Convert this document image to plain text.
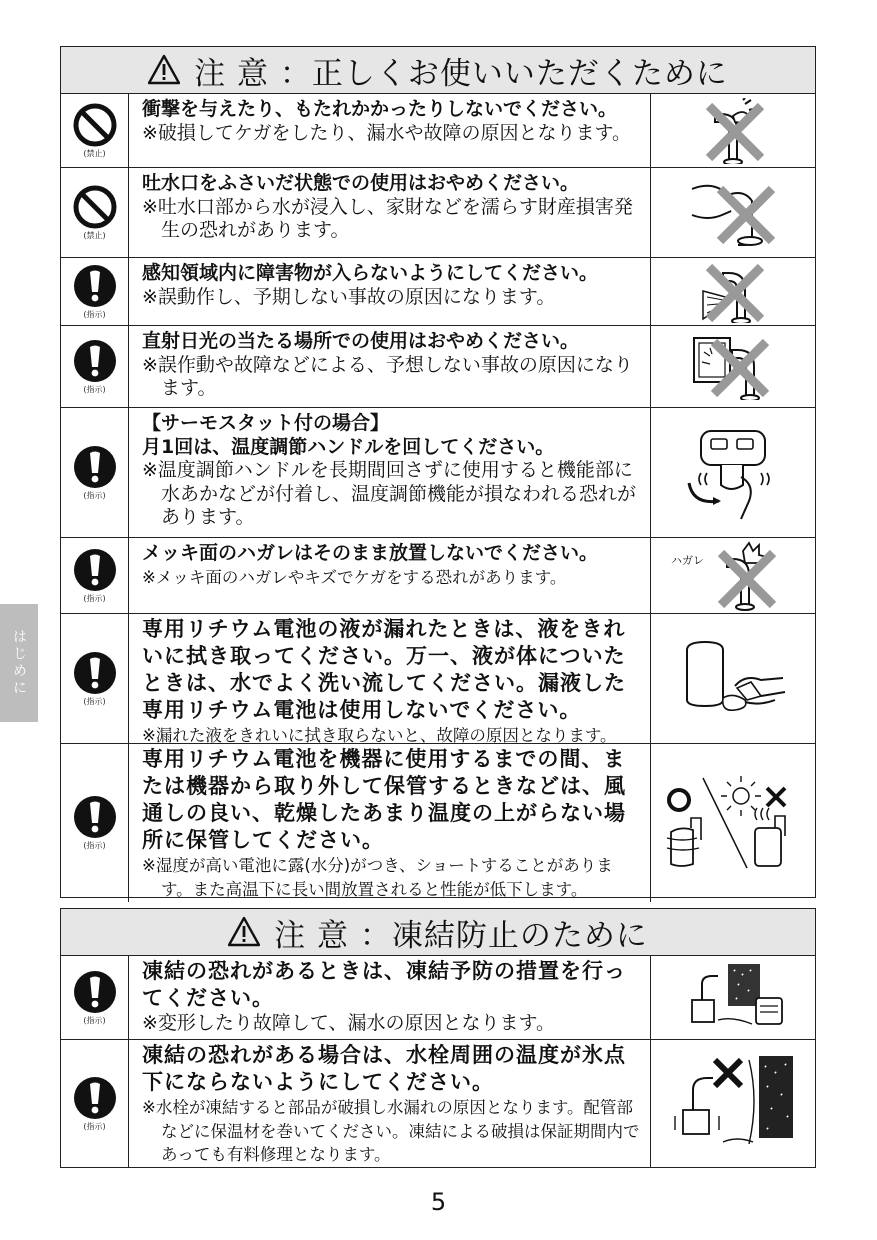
注 意 ：正しくお使いいただくために
(禁止)
衝撃を与えたり、もたれかかったりしないでください。
※破損してケガをしたり、漏水や故障の原因となります。
(禁止)
吐水口をふさいだ状態での使用はおやめください。
※吐水口部から水が浸入し、家財などを濡らす財産損害発生の恐れがあります。
(指示)
感知領域内に障害物が入らないようにしてください。
※誤動作し、予期しない事故の原因になります。
(指示)
直射日光の当たる場所での使用はおやめください。
※誤作動や故障などによる、予想しない事故の原因になります。
(指示)
【サーモスタット付の場合】
月1回は、温度調節ハンドルを回してください。
※温度調節ハンドルを長期間回さずに使用すると機能部に水あかなどが付着し、温度調節機能が損なわれる恐れがあります。
(指示)
メッキ面のハガレはそのまま放置しないでください。
※メッキ面のハガレやキズでケガをする恐れがあります。
ハガレ
(指示)
専用リチウム電池の液が漏れたときは、液をきれいに拭き取ってください。万一、液が体についたときは、水でよく洗い流してください。漏液した専用リチウム電池は使用しないでください。
※漏れた液をきれいに拭き取らないと、故障の原因となります。
(指示)
専用リチウム電池を機器に使用するまでの間、または機器から取り外して保管するときなどは、風通しの良い、乾燥したあまり温度の上がらない場所に保管してください。
※湿度が高い電池に露(水分)がつき、ショートすることがあります。また高温下に長い間放置されると性能が低下します。
注 意 ：凍結防止のために
(指示)
凍結の恐れがあるときは、凍結予防の措置を行ってください。
※変形したり故障して、漏水の原因となります。
(指示)
凍結の恐れがある場合は、水栓周囲の温度が氷点下にならないようにしてください。
※水栓が凍結すると部品が破損し水漏れの原因となります。配管部などに保温材を巻いてください。凍結による破損は保証期間内であっても有料修理となります。
はじめに
5
